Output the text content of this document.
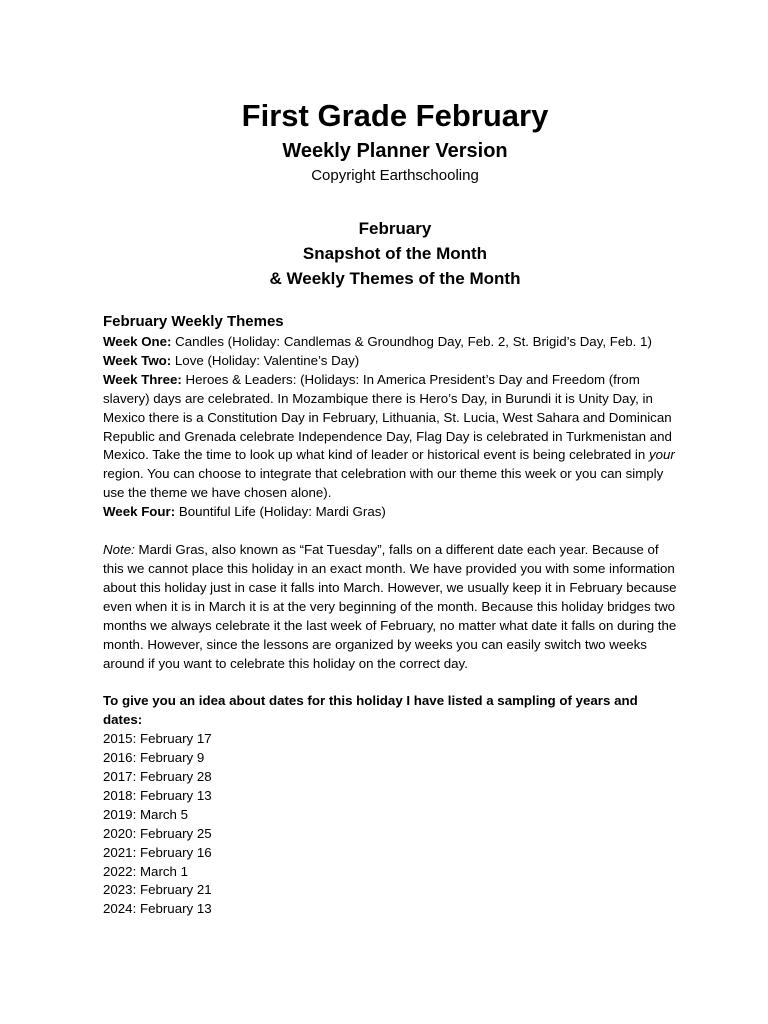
First Grade February
Weekly Planner Version
Copyright Earthschooling
February
Snapshot of the Month
& Weekly Themes of the Month
February Weekly Themes

Week One: Candles (Holiday: Candlemas & Groundhog Day, Feb. 2, St. Brigid’s Day, Feb. 1)

Week Two: Love (Holiday: Valentine’s Day)

Week Three: Heroes & Leaders: (Holidays: In America President’s Day and Freedom (from slavery) days are celebrated. In Mozambique there is Hero’s Day, in Burundi it is Unity Day, in Mexico there is a Constitution Day in February, Lithuania, St. Lucia, West Sahara and Dominican Republic and Grenada celebrate Independence Day, Flag Day is celebrated in Turkmenistan and Mexico. Take the time to look up what kind of leader or historical event is being celebrated in your region. You can choose to integrate that celebration with our theme this week or you can simply use the theme we have chosen alone).

Week Four: Bountiful Life (Holiday: Mardi Gras)

Note: Mardi Gras, also known as “Fat Tuesday”, falls on a different date each year. Because of this we cannot place this holiday in an exact month. We have provided you with some information about this holiday just in case it falls into March. However, we usually keep it in February because even when it is in March it is at the very beginning of the month. Because this holiday bridges two months we always celebrate it the last week of February, no matter what date it falls on during the month. However, since the lessons are organized by weeks you can easily switch two weeks around if you want to celebrate this holiday on the correct day.

To give you an idea about dates for this holiday I have listed a sampling of years and dates:

2015: February 17
2016: February 9
2017: February 28
2018: February 13
2019: March 5
2020: February 25
2021: February 16
2022: March 1
2023: February 21
2024: February 13
